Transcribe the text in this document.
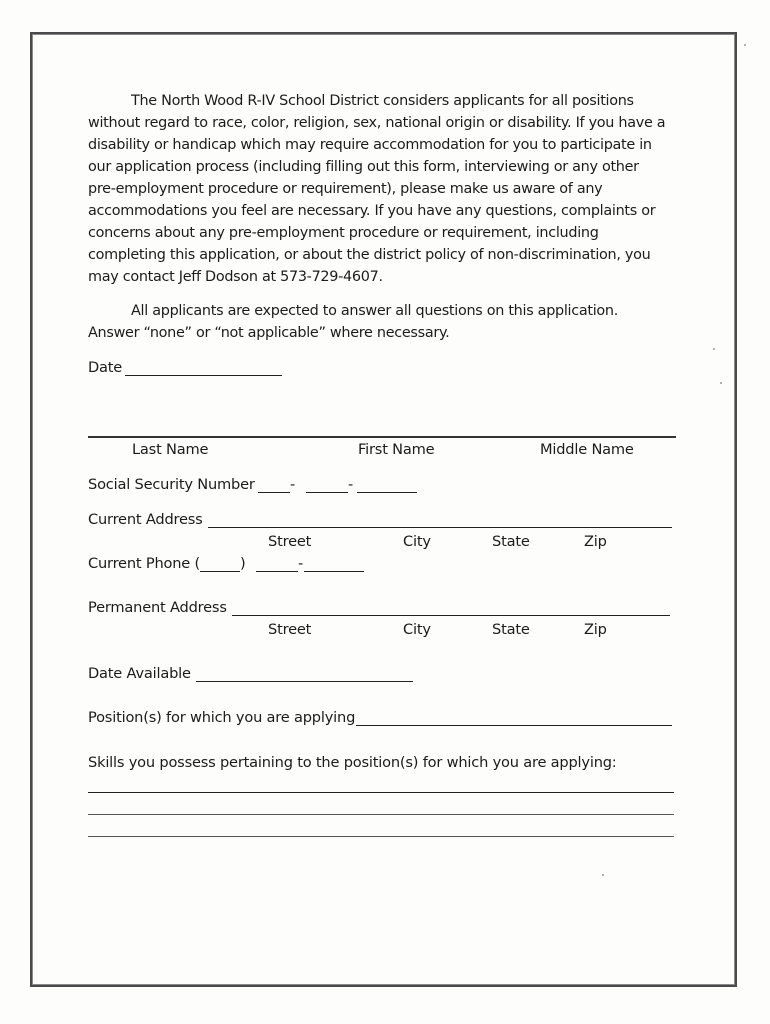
The North Wood R-IV School District considers applicants for all positions without regard to race, color, religion, sex, national origin or disability. If you have a disability or handicap which may require accommodation for you to participate in our application process (including filling out this form, interviewing or any other pre-employment procedure or requirement), please make us aware of any accommodations you feel are necessary. If you have any questions, complaints or concerns about any pre-employment procedure or requirement, including completing this application, or about the district policy of non-discrimination, you may contact Jeff Dodson at 573-729-4607.

All applicants are expected to answer all questions on this application. Answer “none” or “not applicable” where necessary.

Date
Last Name	First Name	Middle Name
Social Security Number -	-
Current Address
Street	City	State	Zip
Current Phone (	)	-
Permanent Address
Street	City	State	Zip
Date Available
Position(s) for which you are applying
Skills you possess pertaining to the position(s) for which you are applying:
